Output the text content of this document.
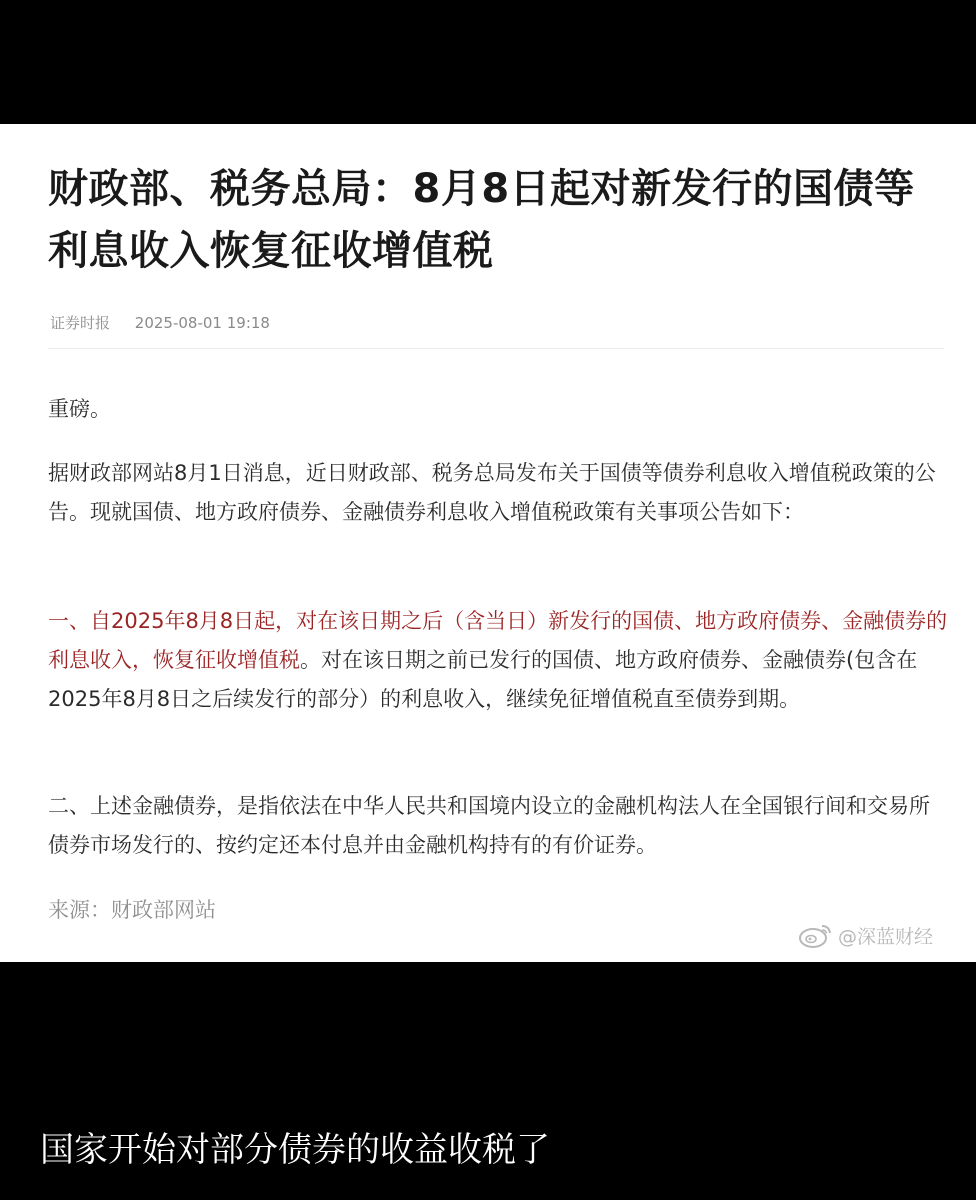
财政部、税务总局：8月8日起对新发行的国债等利息收入恢复征收增值税
证券时报 2025-08-01 19:18

重磅。

据财政部网站8月1日消息，近日财政部、税务总局发布关于国债等债券利息收入增值税政策的公告。现就国债、地方政府债券、金融债券利息收入增值税政策有关事项公告如下：

一、自2025年8月8日起，对在该日期之后（含当日）新发行的国债、地方政府债券、金融债券的利息收入，恢复征收增值税。对在该日期之前已发行的国债、地方政府债券、金融债券(包含在2025年8月8日之后续发行的部分）的利息收入，继续免征增值税直至债券到期。

二、上述金融债券，是指依法在中华人民共和国境内设立的金融机构法人在全国银行间和交易所债券市场发行的、按约定还本付息并由金融机构持有的有价证券。

来源：财政部网站
@深蓝财经
国家开始对部分债券的收益收税了
